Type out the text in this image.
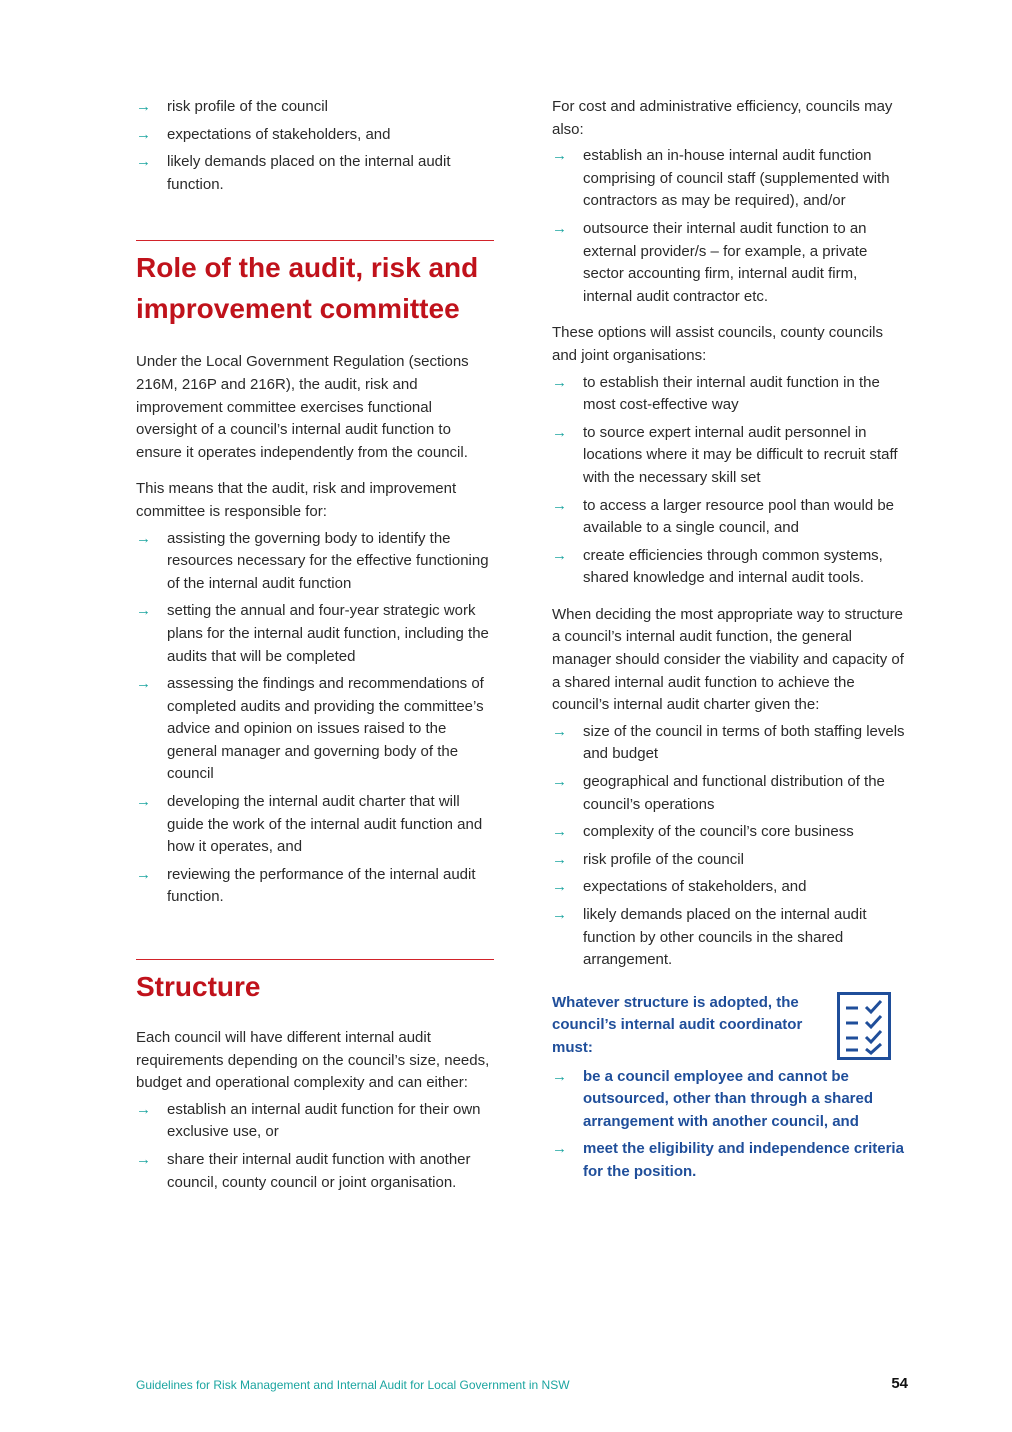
→ risk profile of the council
→ expectations of stakeholders, and
→ likely demands placed on the internal audit function.
Role of the audit, risk and improvement committee

Under the Local Government Regulation (sections 216M, 216P and 216R), the audit, risk and improvement committee exercises functional oversight of a council’s internal audit function to ensure it operates independently from the council.

This means that the audit, risk and improvement committee is responsible for:

→ assisting the governing body to identify the resources necessary for the effective functioning of the internal audit function
→ setting the annual and four-year strategic work plans for the internal audit function, including the audits that will be completed
→ assessing the findings and recommendations of completed audits and providing the committee’s advice and opinion on issues raised to the general manager and governing body of the council
→ developing the internal audit charter that will guide the work of the internal audit function and how it operates, and
→ reviewing the performance of the internal audit function.
Structure

Each council will have different internal audit requirements depending on the council’s size, needs, budget and operational complexity and can either:

→ establish an internal audit function for their own exclusive use, or
→ share their internal audit function with another council, county council or joint organisation.

For cost and administrative efficiency, councils may also:

→ establish an in-house internal audit function comprising of council staff (supplemented with contractors as may be required), and/or
→ outsource their internal audit function to an external provider/s – for example, a private sector accounting firm, internal audit firm, internal audit contractor etc.

These options will assist councils, county councils and joint organisations:

→ to establish their internal audit function in the most cost-effective way
→ to source expert internal audit personnel in locations where it may be difficult to recruit staff with the necessary skill set
→ to access a larger resource pool than would be available to a single council, and
→ create efficiencies through common systems, shared knowledge and internal audit tools.

When deciding the most appropriate way to structure a council’s internal audit function, the general manager should consider the viability and capacity of a shared internal audit function to achieve the council’s internal audit charter given the:

→ size of the council in terms of both staffing levels and budget
→ geographical and functional distribution of the council’s operations
→ complexity of the council’s core business
→ risk profile of the council
→ expectations of stakeholders, and
→ likely demands placed on the internal audit function by other councils in the shared arrangement.

Whatever structure is adopted, the council’s internal audit coordinator must:

→ be a council employee and cannot be outsourced, other than through a shared arrangement with another council, and
→ meet the eligibility and independence criteria for the position.
Guidelines for Risk Management and Internal Audit for Local Government in NSW	54
